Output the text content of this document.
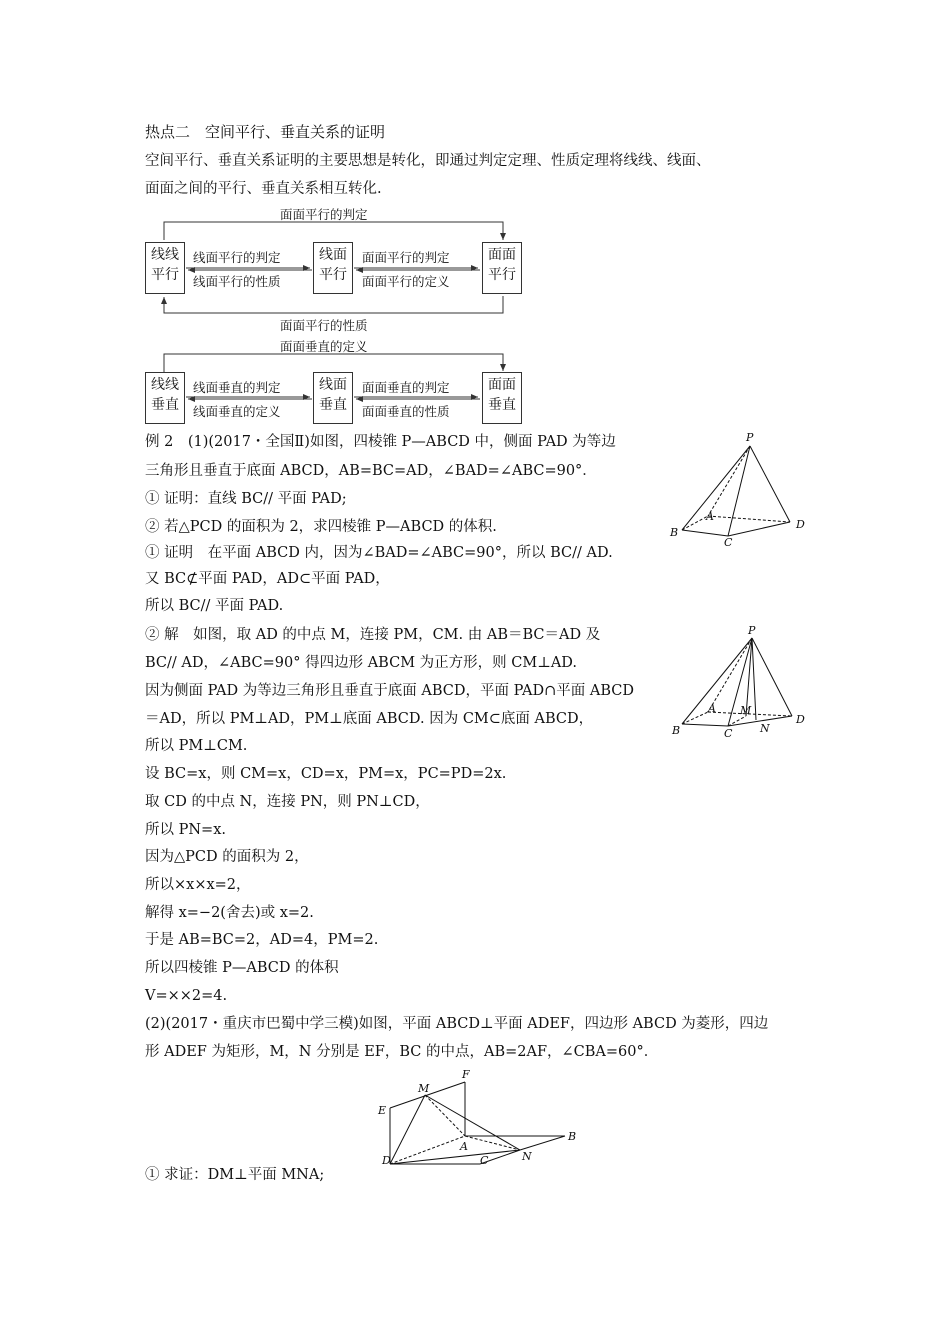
热点二　空间平行、垂直关系的证明
空间平行、垂直关系证明的主要思想是转化，即通过判定定理、性质定理将线线、线面、
面面之间的平行、垂直关系相互转化.
面面平行的判定
面面平行的性质
线线
平行
线面
平行
面面
平行
线面平行的判定
线面平行的性质
面面平行的判定
面面平行的定义
面面垂直的定义
线线
垂直
线面
垂直
面面
垂直
线面垂直的判定
线面垂直的定义
面面垂直的判定
面面垂直的性质
例 2　(1)(2017・全国Ⅱ)如图，四棱锥 P—ABCD 中，侧面 PAD 为等边
三角形且垂直于底面 ABCD，AB=BC=AD，∠BAD=∠ABC=90°．
① 证明：直线 BC// 平面 PAD;
② 若△PCD 的面积为 2，求四棱锥 P—ABCD 的体积.
① 证明　在平面 ABCD 内，因为∠BAD=∠ABC=90°，所以 BC// AD.
又 BC⊄平面 PAD，AD⊂平面 PAD，
所以 BC// 平面 PAD.
② 解　如图，取 AD 的中点 M，连接 PM，CM. 由 AB＝BC＝AD 及
BC// AD，∠ABC=90° 得四边形 ABCM 为正方形，则 CM⊥AD.
因为侧面 PAD 为等边三角形且垂直于底面 ABCD，平面 PAD∩平面 ABCD
＝AD，所以 PM⊥AD，PM⊥底面 ABCD. 因为 CM⊂底面 ABCD，
所以 PM⊥CM.
设 BC=x，则 CM=x，CD=x，PM=x，PC=PD=2x.
取 CD 的中点 N，连接 PN，则 PN⊥CD，
所以 PN=x.
因为△PCD 的面积为 2，
所以×x×x=2，
解得 x=−2(舍去)或 x=2.
于是 AB=BC=2，AD=4，PM=2.
所以四棱锥 P—ABCD 的体积
V=××2=4.
(2)(2017・重庆市巴蜀中学三模)如图，平面 ABCD⊥平面 ADEF，四边形 ABCD 为菱形，四边
形 ADEF 为矩形，M，N 分别是 EF，BC 的中点，AB=2AF，∠CBA=60°．
① 求证：DM⊥平面 MNA;
P
A
B
C
D
P
A M
B	C	N
D
F
M
E
A
B
N
D	C
